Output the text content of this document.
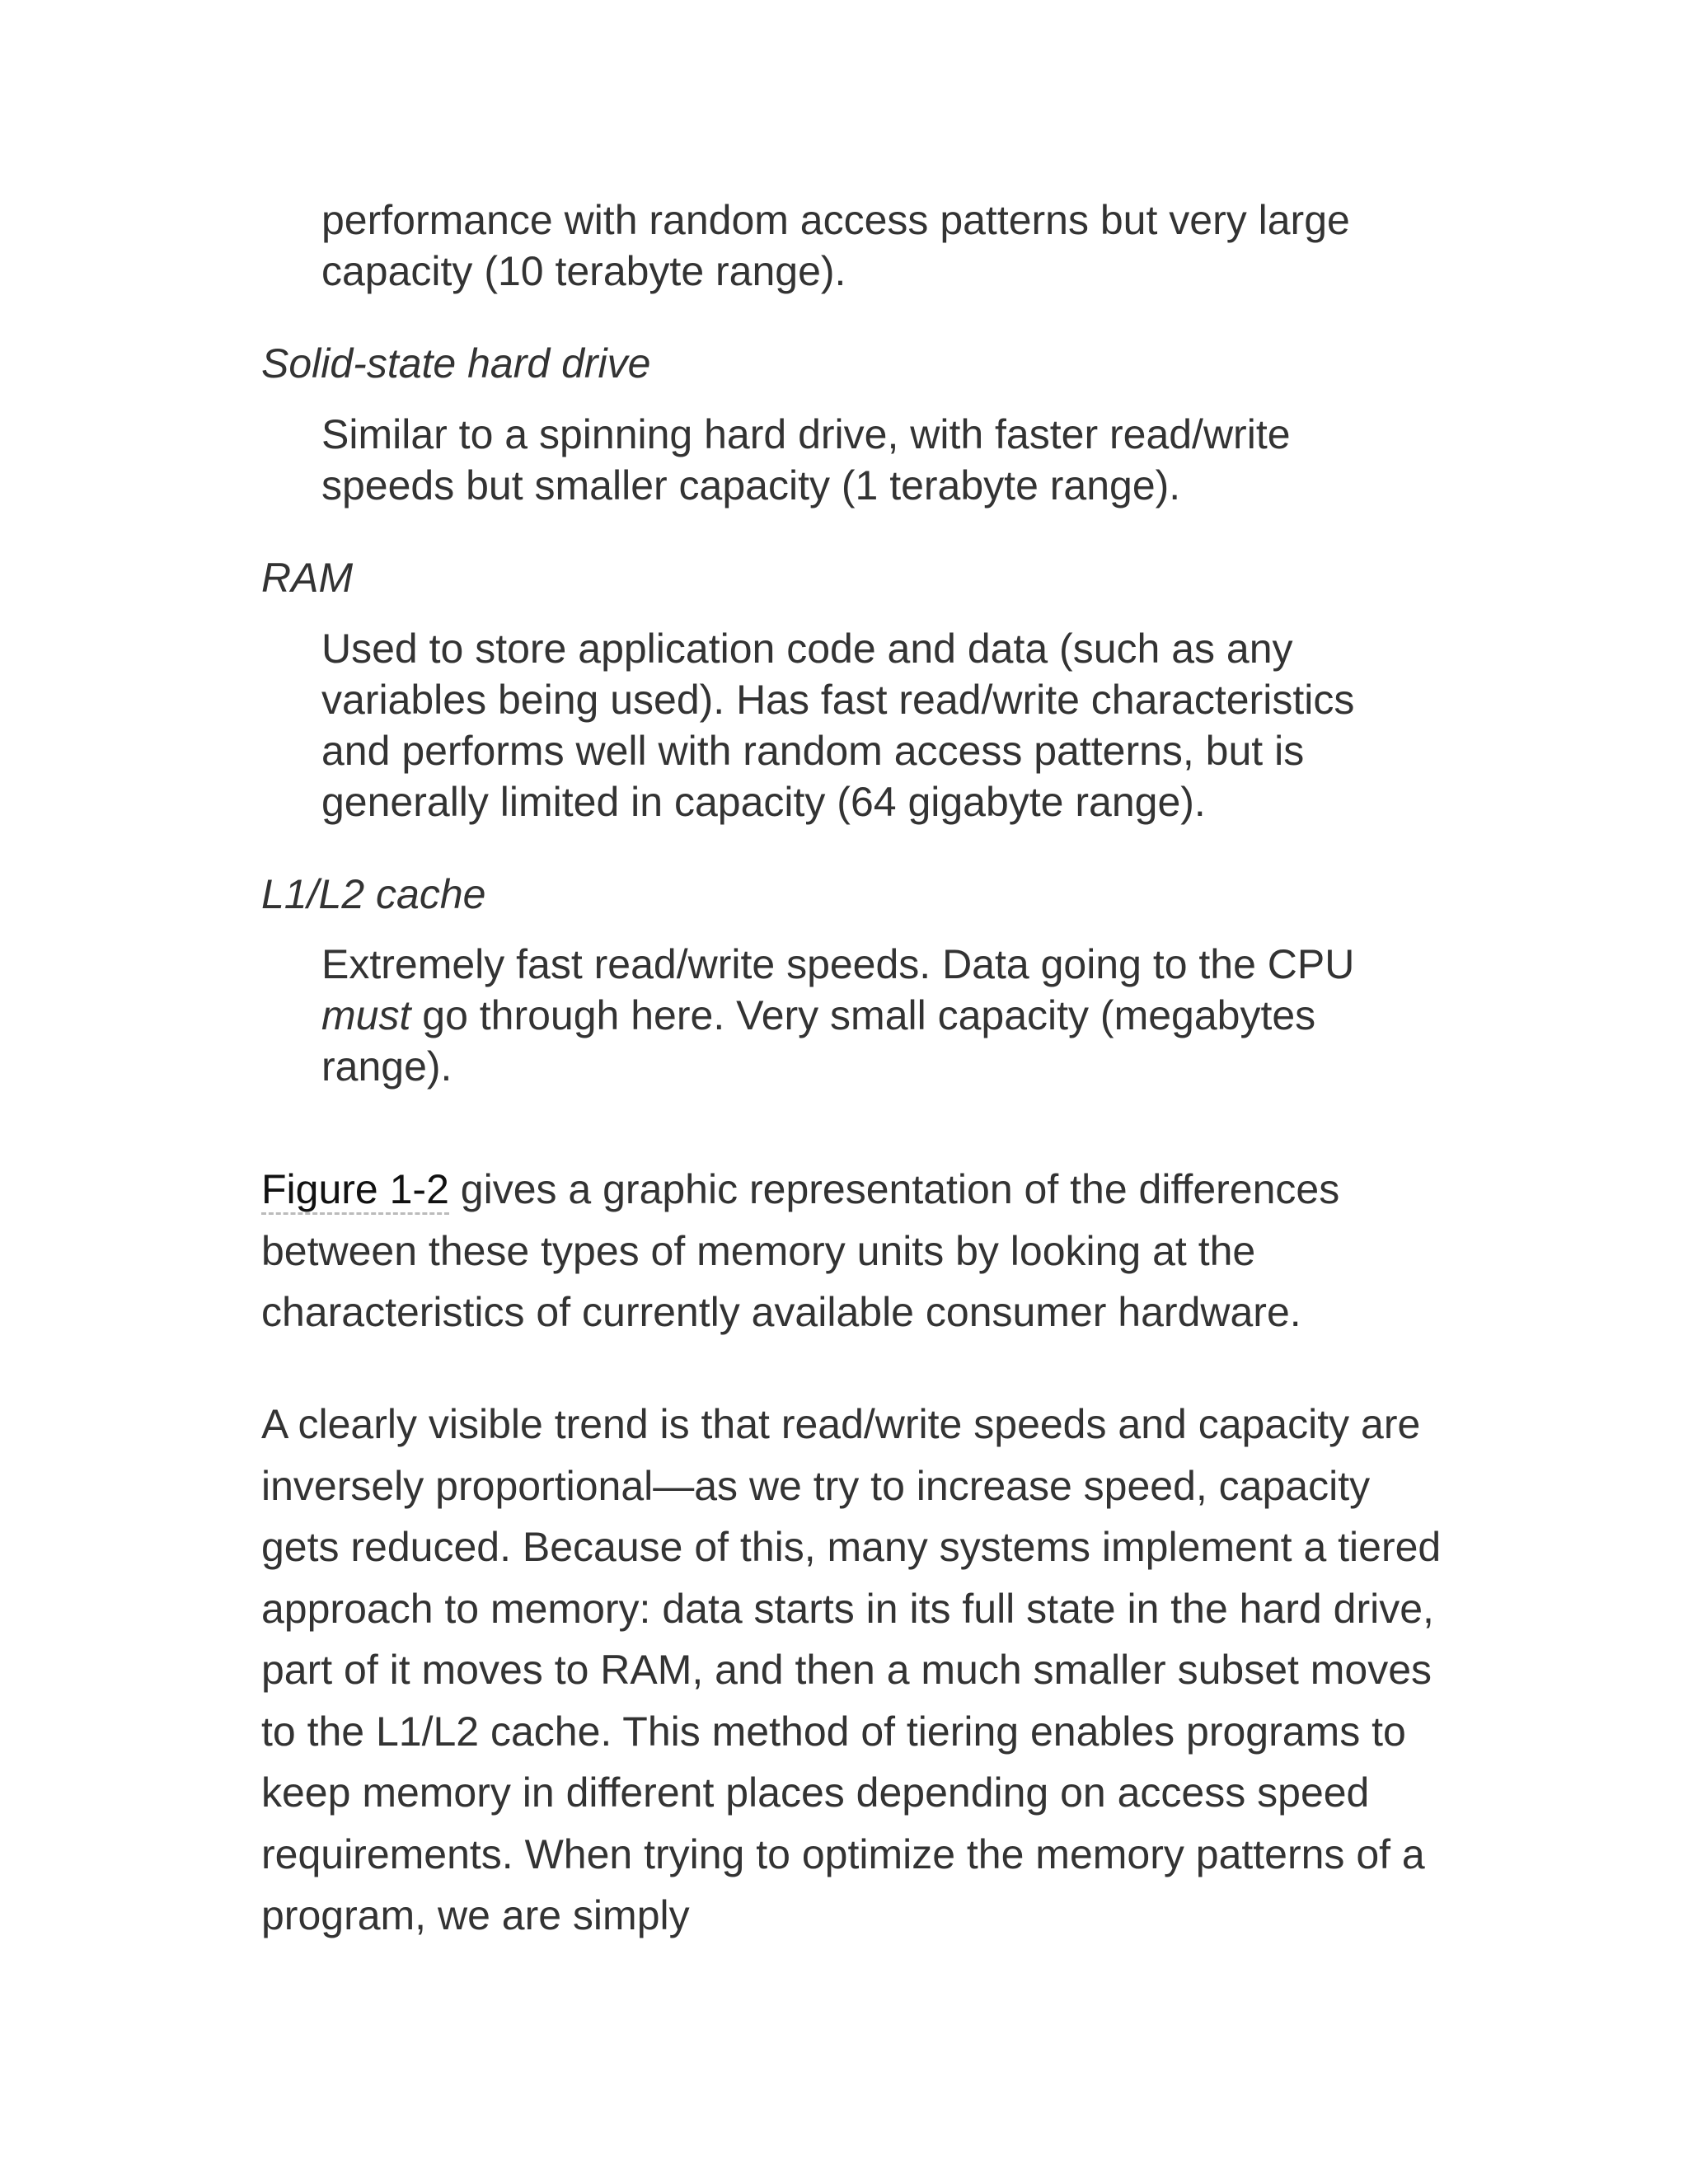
performance with random access patterns but very large capacity (10 terabyte range).

Solid-state hard drive

Similar to a spinning hard drive, with faster read/write speeds but smaller capacity (1 terabyte range).

RAM

Used to store application code and data (such as any variables being used). Has fast read/write characteristics and performs well with random access patterns, but is generally limited in capacity (64 gigabyte range).

L1/L2 cache

Extremely fast read/write speeds. Data going to the CPU must go through here. Very small capacity (megabytes range).

Figure 1-2 gives a graphic representation of the differences between these types of memory units by looking at the characteristics of currently available consumer hardware.

A clearly visible trend is that read/write speeds and capacity are inversely proportional—as we try to increase speed, capacity gets reduced. Because of this, many systems implement a tiered approach to memory: data starts in its full state in the hard drive, part of it moves to RAM, and then a much smaller subset moves to the L1/L2 cache. This method of tiering enables programs to keep memory in different places depending on access speed requirements. When trying to optimize the memory patterns of a program, we are simply
